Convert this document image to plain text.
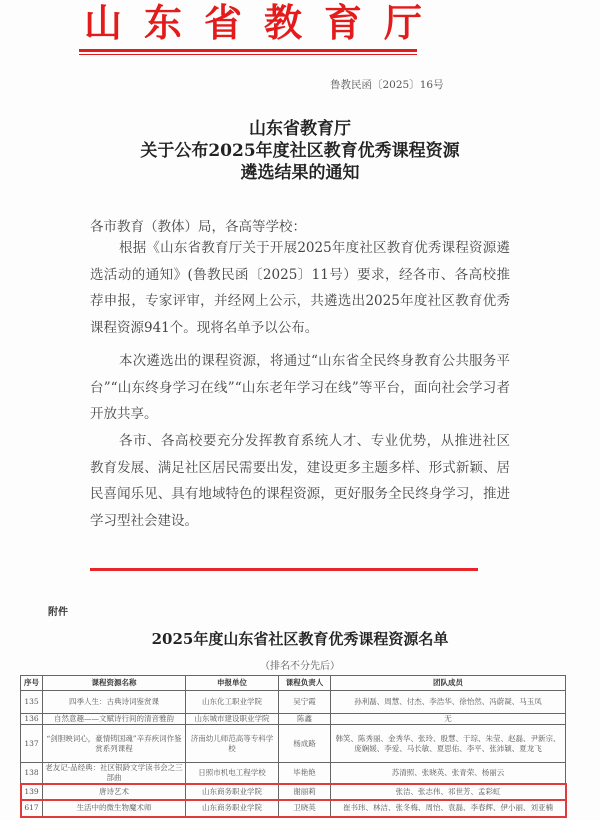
山东省教育厅
鲁教民函〔2025〕16号
山东省教育厅
关于公布2025年度社区教育优秀课程资源
遴选结果的通知
各市教育（教体）局，各高等学校：
根据《山东省教育厅关于开展2025年度社区教育优秀课程资源遴选活动的通知》(鲁教民函〔2025〕11号）要求，经各市、各高校推荐申报，专家评审，并经网上公示，共遴选出2025年度社区教育优秀课程资源941个。现将名单予以公布。
本次遴选出的课程资源，将通过“山东省全民终身教育公共服务平台”“山东终身学习在线”“山东老年学习在线”等平台，面向社会学习者开放共享。
各市、各高校要充分发挥教育系统人才、专业优势，从推进社区教育发展、满足社区居民需要出发，建设更多主题多样、形式新颖、居民喜闻乐见、具有地域特色的课程资源，更好服务全民终身学习，推进学习型社会建设。
附件
2025年度山东省社区教育优秀课程资源名单
（排名不分先后）
序号	课程资源名称	申报单位	课程负责人	团队成员
135	四季人生：古典诗词鉴赏课	山东化工职业学院	吴宁霞	孙利磊、周慧、付杰、李浩华、徐怡然、冯蔚凝、马玉凤
136	自然意趣——文赋诗行间的清音雅韵	山东城市建设职业学院	陈鑫	无
137	“剑胆映词心，豪情铸国魂”辛弃疾词作鉴赏系列课程	济南幼儿师范高等专科学校	杨成路	韩笑、陈秀丽、金秀华、张玲、殷慧、于琮、朱莹、赵磊、尹新宗、庞娴媛、李爱、马长敏、夏思佑、李平、张沛颖、夏龙飞
138	老友记·品经典：社区银龄文学读书会之三部曲	日照市机电工程学校	毕艳艳	苏清照、张晓英、张青荣、杨丽云
139	唐诗艺术	山东商务职业学院	谢丽莉	张洁、张志伟、祁世芳、孟彩虹
617	生活中的微生物魔术师	山东商务职业学院	卫晓英	崔书玮、林洁、张冬梅、周怡、袁磊、李春辉、伊小丽、刘亚楠
